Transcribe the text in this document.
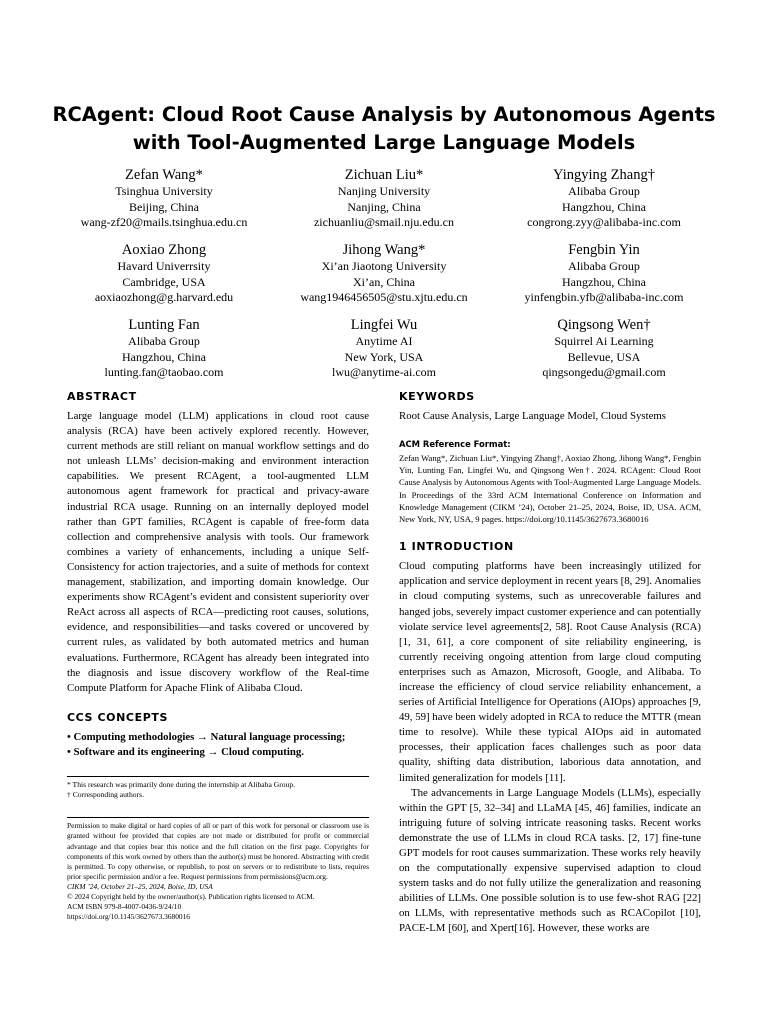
RCAgent: Cloud Root Cause Analysis by Autonomous Agents with Tool-Augmented Large Language Models
Zefan Wang*
Tsinghua University
Beijing, China
wang-zf20@mails.tsinghua.edu.cn
Zichuan Liu*
Nanjing University
Nanjing, China
zichuanliu@smail.nju.edu.cn
Yingying Zhang†
Alibaba Group
Hangzhou, China
congrong.zyy@alibaba-inc.com
Aoxiao Zhong
Havard Univerrsity
Cambridge, USA
aoxiaozhong@g.harvard.edu
Jihong Wang*
Xi’an Jiaotong University
Xi’an, China
wang1946456505@stu.xjtu.edu.cn
Fengbin Yin
Alibaba Group
Hangzhou, China
yinfengbin.yfb@alibaba-inc.com
Lunting Fan
Alibaba Group
Hangzhou, China
lunting.fan@taobao.com
Lingfei Wu
Anytime AI
New York, USA
lwu@anytime-ai.com
Qingsong Wen†
Squirrel Ai Learning
Bellevue, USA
qingsongedu@gmail.com
ABSTRACT

Large language model (LLM) applications in cloud root cause analysis (RCA) have been actively explored recently. However, current methods are still reliant on manual workflow settings and do not unleash LLMs’ decision-making and environment interaction capabilities. We present RCAgent, a tool-augmented LLM autonomous agent framework for practical and privacy-aware industrial RCA usage. Running on an internally deployed model rather than GPT families, RCAgent is capable of free-form data collection and comprehensive analysis with tools. Our framework combines a variety of enhancements, including a unique Self-Consistency for action trajectories, and a suite of methods for context management, stabilization, and importing domain knowledge. Our experiments show RCAgent’s evident and consistent superiority over ReAct across all aspects of RCA—predicting root causes, solutions, evidence, and responsibilities—and tasks covered or uncovered by current rules, as validated by both automated metrics and human evaluations. Furthermore, RCAgent has already been integrated into the diagnosis and issue discovery workflow of the Real-time Compute Platform for Apache Flink of Alibaba Cloud.

CCS CONCEPTS
• Computing methodologies → Natural language processing;
• Software and its engineering → Cloud computing.
* This research was primarily done during the internship at Alibaba Group.
† Corresponding authors.
Permission to make digital or hard copies of all or part of this work for personal or classroom use is granted without fee provided that copies are not made or distributed for profit or commercial advantage and that copies bear this notice and the full citation on the first page. Copyrights for components of this work owned by others than the author(s) must be honored. Abstracting with credit is permitted. To copy otherwise, or republish, to post on servers or to redistribute to lists, requires prior specific permission and/or a fee. Request permissions from permissions@acm.org.
CIKM ’24, October 21–25, 2024, Boise, ID, USA
© 2024 Copyright held by the owner/author(s). Publication rights licensed to ACM.
ACM ISBN 979-8-4007-0436-9/24/10
https://doi.org/10.1145/3627673.3680016
KEYWORDS

Root Cause Analysis, Large Language Model, Cloud Systems

ACM Reference Format:

Zefan Wang*, Zichuan Liu*, Yingying Zhang†, Aoxiao Zhong, Jihong Wang*, Fengbin Yin, Lunting Fan, Lingfei Wu, and Qingsong Wen†. 2024. RCAgent: Cloud Root Cause Analysis by Autonomous Agents with Tool-Augmented Large Language Models. In Proceedings of the 33rd ACM International Conference on Information and Knowledge Management (CIKM ’24), October 21–25, 2024, Boise, ID, USA. ACM, New York, NY, USA, 9 pages. https://doi.org/10.1145/3627673.3680016

1 INTRODUCTION

Cloud computing platforms have been increasingly utilized for application and service deployment in recent years [8, 29]. Anomalies in cloud computing systems, such as unrecoverable failures and hanged jobs, severely impact customer experience and can potentially violate service level agreements[2, 58]. Root Cause Analysis (RCA) [1, 31, 61], a core component of site reliability engineering, is currently receiving ongoing attention from large cloud computing enterprises such as Amazon, Microsoft, Google, and Alibaba. To increase the efficiency of cloud service reliability enhancement, a series of Artificial Intelligence for Operations (AIOps) approaches [9, 49, 59] have been widely adopted in RCA to reduce the MTTR (mean time to resolve). While these typical AIOps aid in automated processes, their application faces challenges such as poor data quality, shifting data distribution, laborious data annotation, and limited generalization for models [11].

The advancements in Large Language Models (LLMs), especially within the GPT [5, 32–34] and LLaMA [45, 46] families, indicate an intriguing future of solving intricate reasoning tasks. Recent works demonstrate the use of LLMs in cloud RCA tasks. [2, 17] fine-tune GPT models for root causes summarization. These works rely heavily on the computationally expensive supervised adaption to cloud system tasks and do not fully utilize the generalization and reasoning abilities of LLMs. One possible solution is to use few-shot RAG [22] on LLMs, with representative methods such as RCACopilot [10], PACE-LM [60], and Xpert[16]. However, these works are
